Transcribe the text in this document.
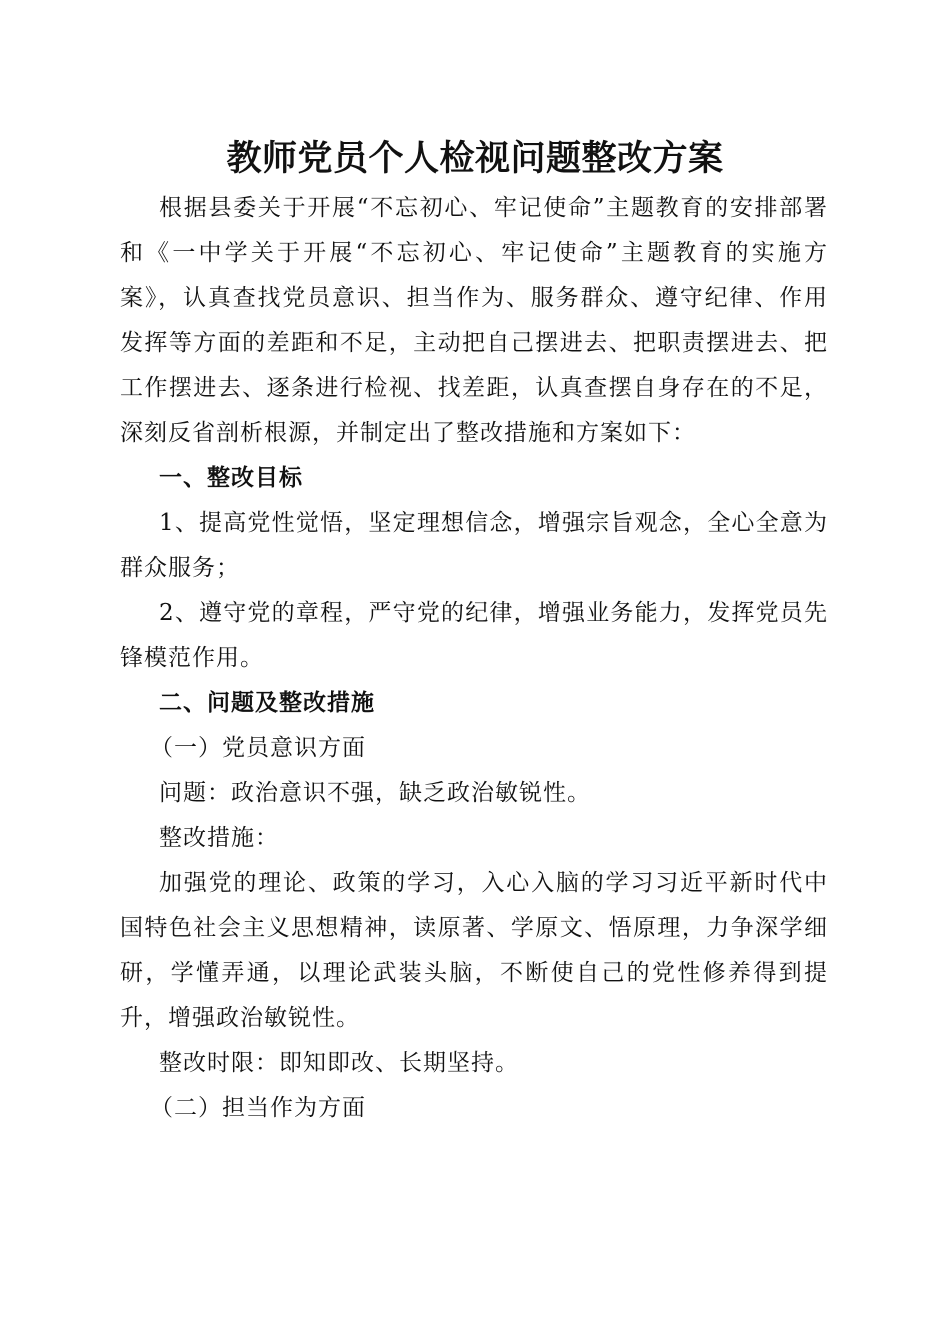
教师党员个人检视问题整改方案

根据县委关于开展“不忘初心、牢记使命”主题教育的安排部署和《一中学关于开展“不忘初心、牢记使命”主题教育的实施方案》，认真查找党员意识、担当作为、服务群众、遵守纪律、作用发挥等方面的差距和不足，主动把自己摆进去、把职责摆进去、把工作摆进去、逐条进行检视、找差距，认真查摆自身存在的不足，深刻反省剖析根源，并制定出了整改措施和方案如下：

一、整改目标

1、提高党性觉悟，坚定理想信念，增强宗旨观念，全心全意为群众服务；

2、遵守党的章程，严守党的纪律，增强业务能力，发挥党员先锋模范作用。

二、问题及整改措施

（一）党员意识方面

问题：政治意识不强，缺乏政治敏锐性。

整改措施：

加强党的理论、政策的学习，入心入脑的学习习近平新时代中国特色社会主义思想精神，读原著、学原文、悟原理，力争深学细研，学懂弄通，以理论武装头脑，不断使自己的党性修养得到提升，增强政治敏锐性。

整改时限：即知即改、长期坚持。

（二）担当作为方面
